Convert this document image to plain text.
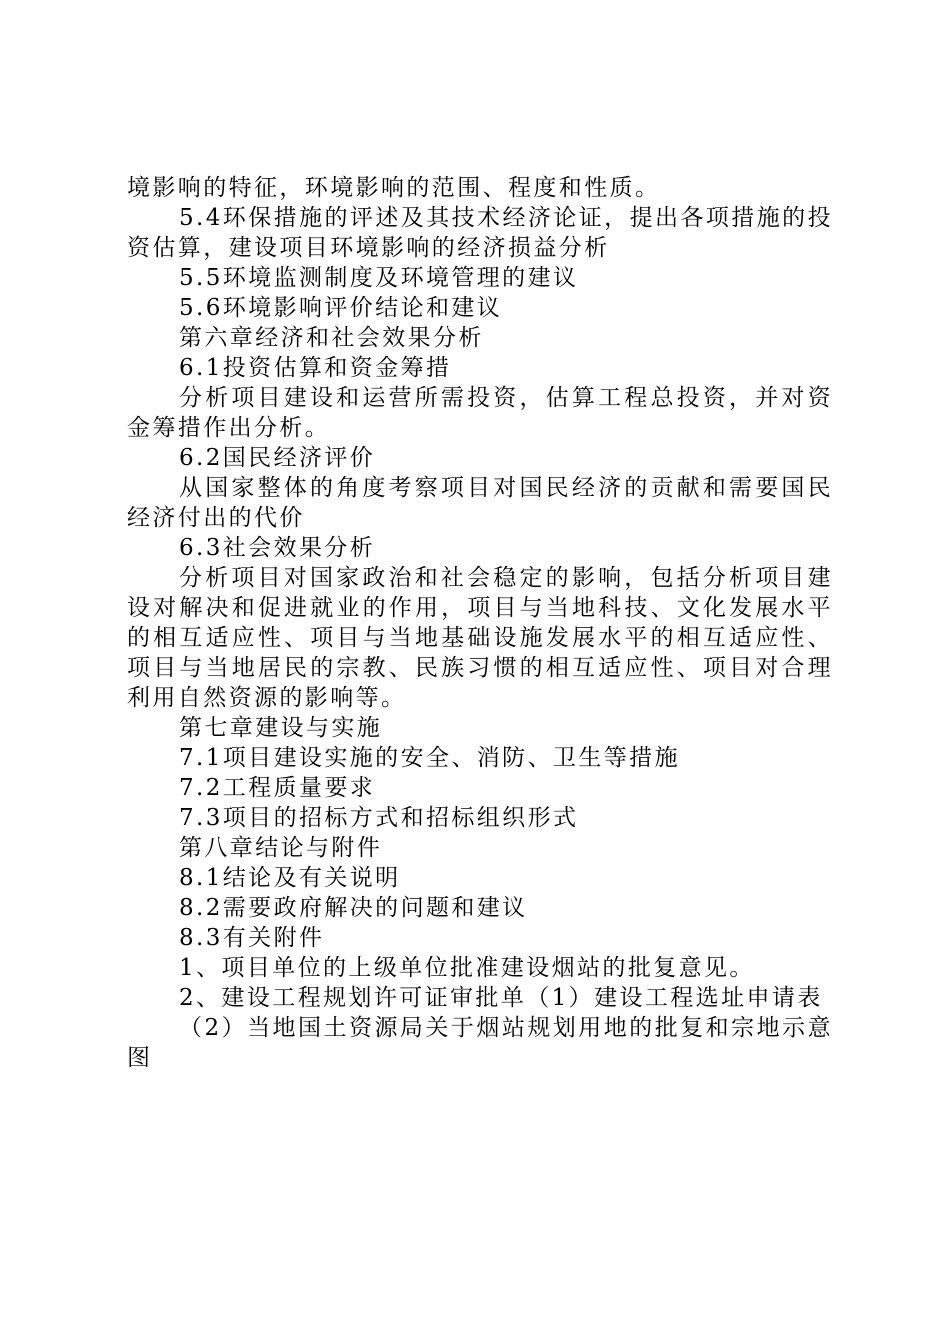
境影响的特征，环境影响的范围、程度和性质。

5.4环保措施的评述及其技术经济论证，提出各项措施的投资估算，建设项目环境影响的经济损益分析

5.5环境监测制度及环境管理的建议

5.6环境影响评价结论和建议

第六章经济和社会效果分析

6.1投资估算和资金筹措

分析项目建设和运营所需投资，估算工程总投资，并对资金筹措作出分析。

6.2国民经济评价

从国家整体的角度考察项目对国民经济的贡献和需要国民经济付出的代价

6.3社会效果分析

分析项目对国家政治和社会稳定的影响，包括分析项目建设对解决和促进就业的作用，项目与当地科技、文化发展水平的相互适应性、项目与当地基础设施发展水平的相互适应性、项目与当地居民的宗教、民族习惯的相互适应性、项目对合理利用自然资源的影响等。

第七章建设与实施

7.1项目建设实施的安全、消防、卫生等措施

7.2工程质量要求

7.3项目的招标方式和招标组织形式

第八章结论与附件

8.1结论及有关说明

8.2需要政府解决的问题和建议

8.3有关附件

1、项目单位的上级单位批准建设烟站的批复意见。

2、建设工程规划许可证审批单（1）建设工程选址申请表

（2）当地国土资源局关于烟站规划用地的批复和宗地示意图
